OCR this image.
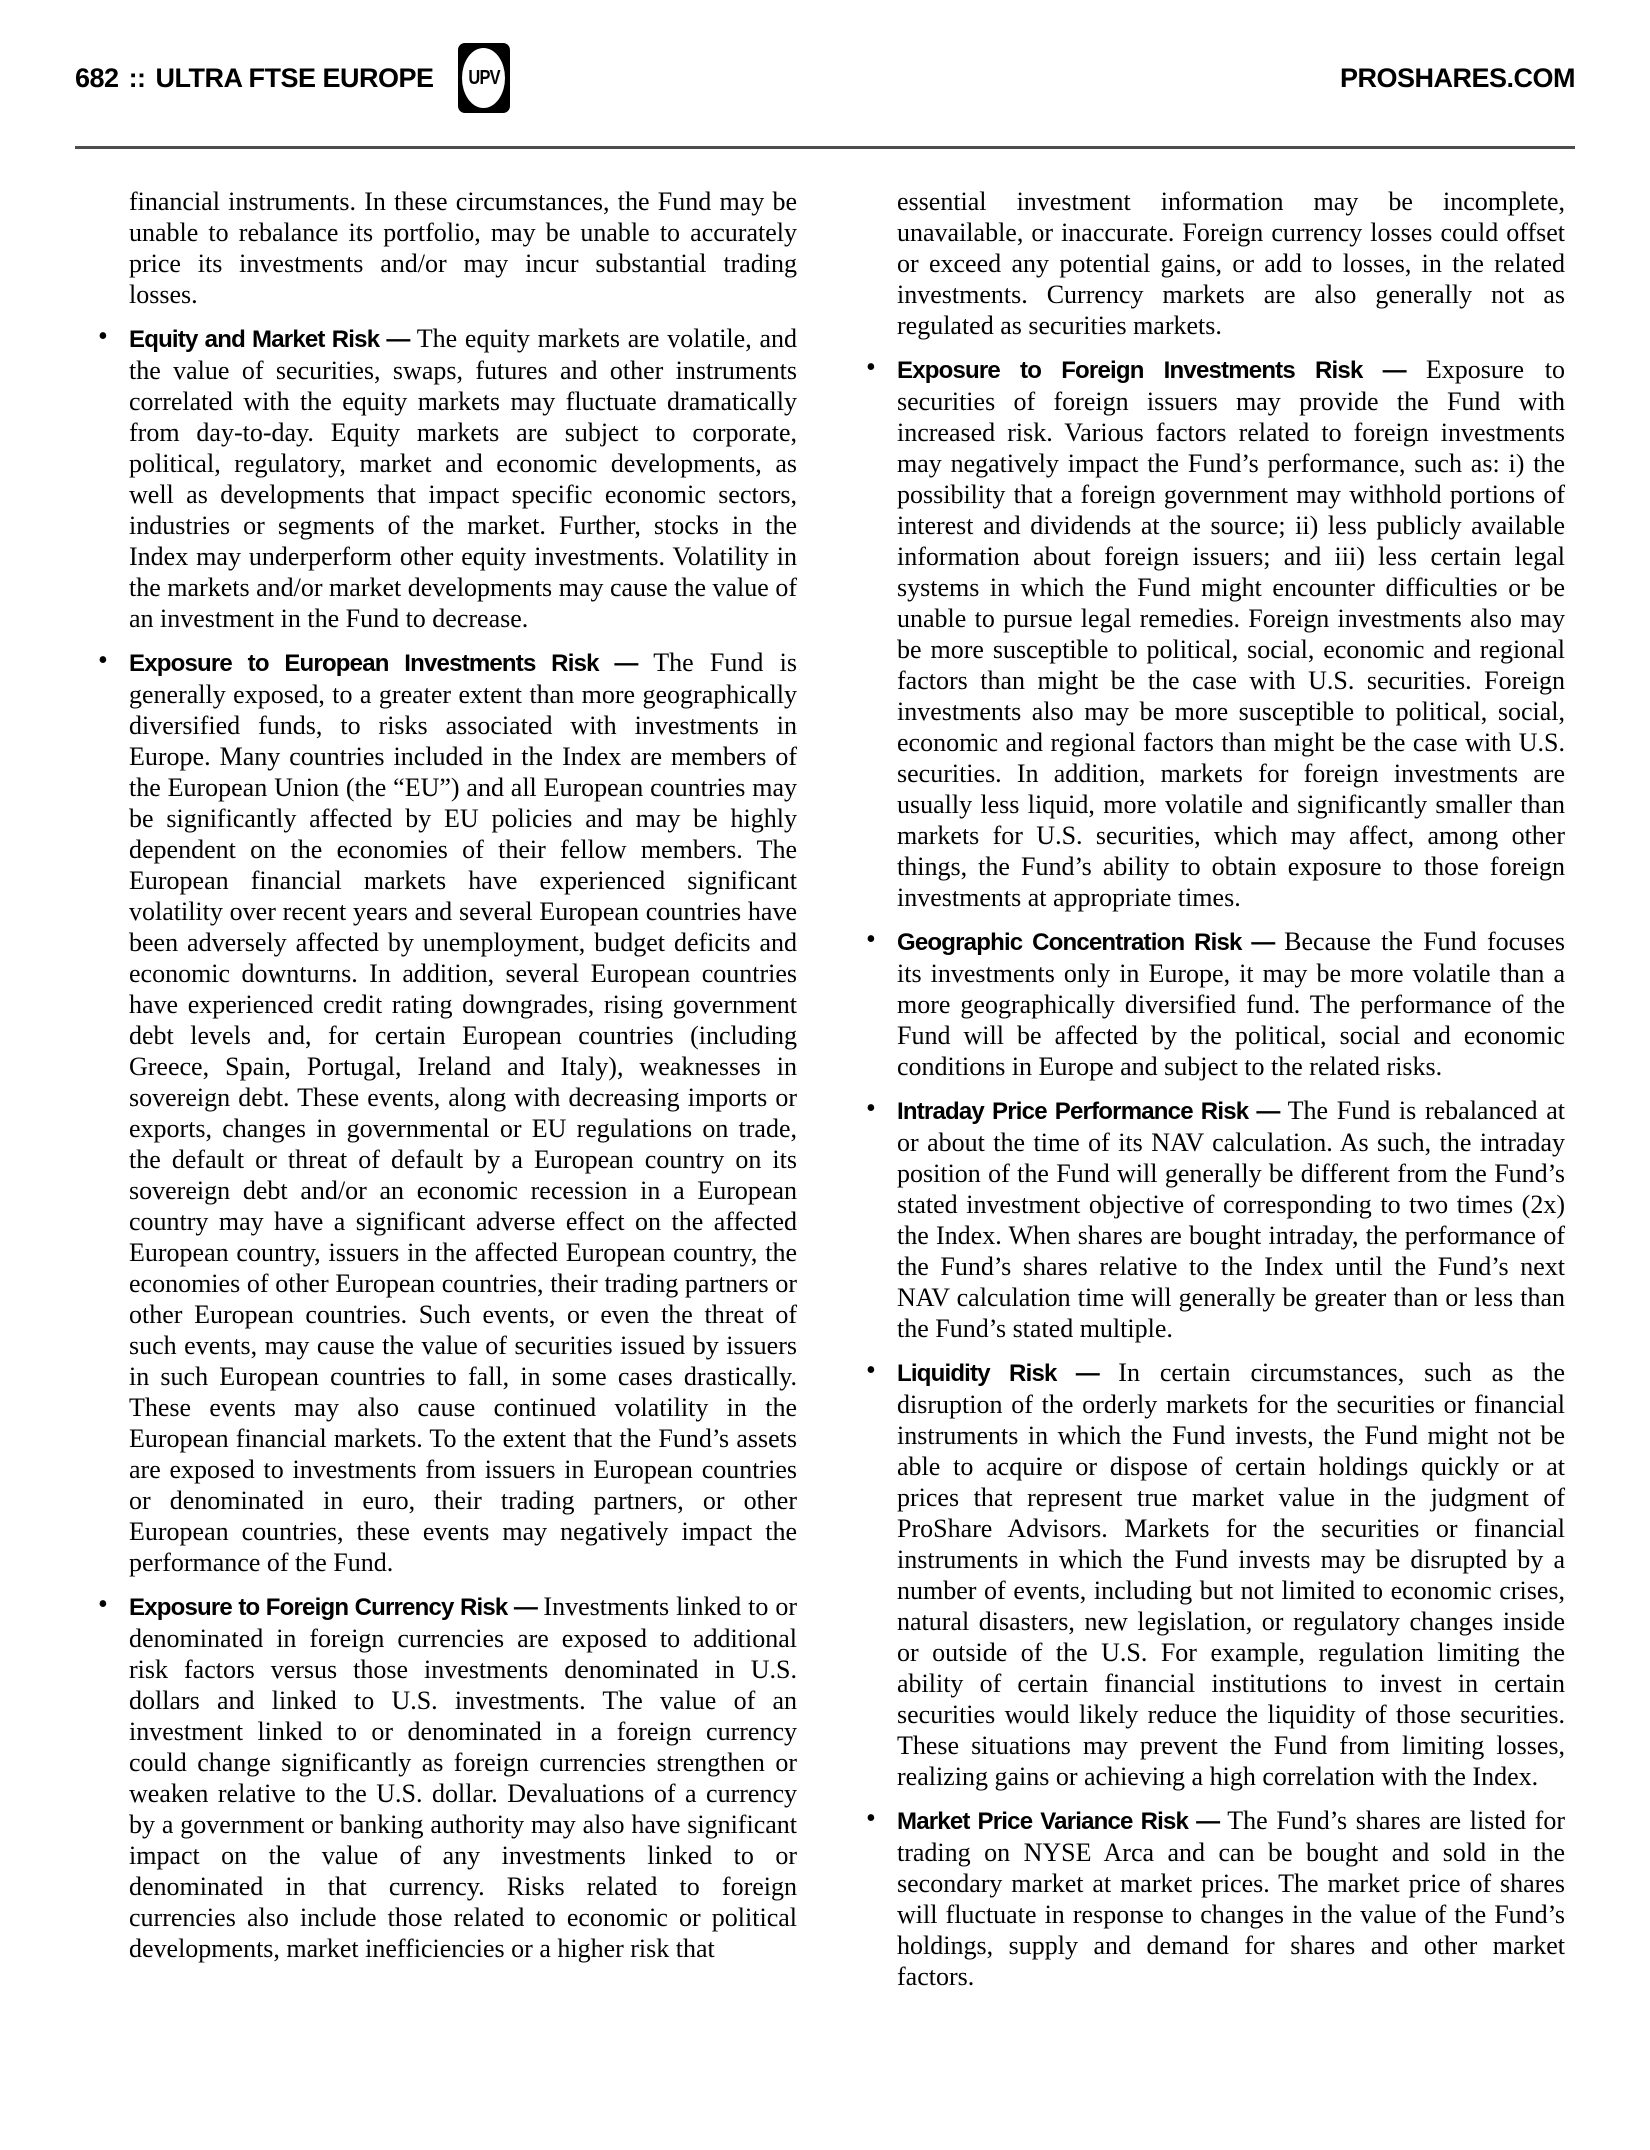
682 :: ULTRA FTSE EUROPE UPV	PROSHARES.COM

financial instruments. In these circumstances, the Fund may be unable to rebalance its portfolio, may be unable to accurately price its investments and/or may incur substantial trading losses.

• Equity and Market Risk — The equity markets are volatile, and the value of securities, swaps, futures and other instruments correlated with the equity markets may fluctuate dramatically from day-to-day. Equity markets are subject to corporate, political, regulatory, market and economic developments, as well as developments that impact specific economic sectors, industries or segments of the market. Further, stocks in the Index may underperform other equity investments. Volatility in the markets and/or market developments may cause the value of an investment in the Fund to decrease.

• Exposure to European Investments Risk — The Fund is generally exposed, to a greater extent than more geographically diversified funds, to risks associated with investments in Europe. Many countries included in the Index are members of the European Union (the “EU”) and all European countries may be significantly affected by EU policies and may be highly dependent on the economies of their fellow members. The European financial markets have experienced significant volatility over recent years and several European countries have been adversely affected by unemployment, budget deficits and economic downturns. In addition, several European countries have experienced credit rating downgrades, rising government debt levels and, for certain European countries (including Greece, Spain, Portugal, Ireland and Italy), weaknesses in sovereign debt. These events, along with decreasing imports or exports, changes in governmental or EU regulations on trade, the default or threat of default by a European country on its sovereign debt and/or an economic recession in a European country may have a significant adverse effect on the affected European country, issuers in the affected European country, the economies of other European countries, their trading partners or other European countries. Such events, or even the threat of such events, may cause the value of securities issued by issuers in such European countries to fall, in some cases drastically. These events may also cause continued volatility in the European financial markets. To the extent that the Fund’s assets are exposed to investments from issuers in European countries or denominated in euro, their trading partners, or other European countries, these events may negatively impact the performance of the Fund.

• Exposure to Foreign Currency Risk — Investments linked to or denominated in foreign currencies are exposed to additional risk factors versus those investments denominated in U.S. dollars and linked to U.S. investments. The value of an investment linked to or denominated in a foreign currency could change significantly as foreign currencies strengthen or weaken relative to the U.S. dollar. Devaluations of a currency by a government or banking authority may also have significant impact on the value of any investments linked to or denominated in that currency. Risks related to foreign currencies also include those related to economic or political developments, market inefficiencies or a higher risk that

essential investment information may be incomplete, unavailable, or inaccurate. Foreign currency losses could offset or exceed any potential gains, or add to losses, in the related investments. Currency markets are also generally not as regulated as securities markets.

• Exposure to Foreign Investments Risk — Exposure to securities of foreign issuers may provide the Fund with increased risk. Various factors related to foreign investments may negatively impact the Fund’s performance, such as: i) the possibility that a foreign government may withhold portions of interest and dividends at the source; ii) less publicly available information about foreign issuers; and iii) less certain legal systems in which the Fund might encounter difficulties or be unable to pursue legal remedies. Foreign investments also may be more susceptible to political, social, economic and regional factors than might be the case with U.S. securities. Foreign investments also may be more susceptible to political, social, economic and regional factors than might be the case with U.S. securities. In addition, markets for foreign investments are usually less liquid, more volatile and significantly smaller than markets for U.S. securities, which may affect, among other things, the Fund’s ability to obtain exposure to those foreign investments at appropriate times.

• Geographic Concentration Risk — Because the Fund focuses its investments only in Europe, it may be more volatile than a more geographically diversified fund. The performance of the Fund will be affected by the political, social and economic conditions in Europe and subject to the related risks.

• Intraday Price Performance Risk — The Fund is rebalanced at or about the time of its NAV calculation. As such, the intraday position of the Fund will generally be different from the Fund’s stated investment objective of corresponding to two times (2x) the Index. When shares are bought intraday, the performance of the Fund’s shares relative to the Index until the Fund’s next NAV calculation time will generally be greater than or less than the Fund’s stated multiple.

• Liquidity Risk — In certain circumstances, such as the disruption of the orderly markets for the securities or financial instruments in which the Fund invests, the Fund might not be able to acquire or dispose of certain holdings quickly or at prices that represent true market value in the judgment of ProShare Advisors. Markets for the securities or financial instruments in which the Fund invests may be disrupted by a number of events, including but not limited to economic crises, natural disasters, new legislation, or regulatory changes inside or outside of the U.S. For example, regulation limiting the ability of certain financial institutions to invest in certain securities would likely reduce the liquidity of those securities. These situations may prevent the Fund from limiting losses, realizing gains or achieving a high correlation with the Index.

• Market Price Variance Risk — The Fund’s shares are listed for trading on NYSE Arca and can be bought and sold in the secondary market at market prices. The market price of shares will fluctuate in response to changes in the value of the Fund’s holdings, supply and demand for shares and other market factors.
